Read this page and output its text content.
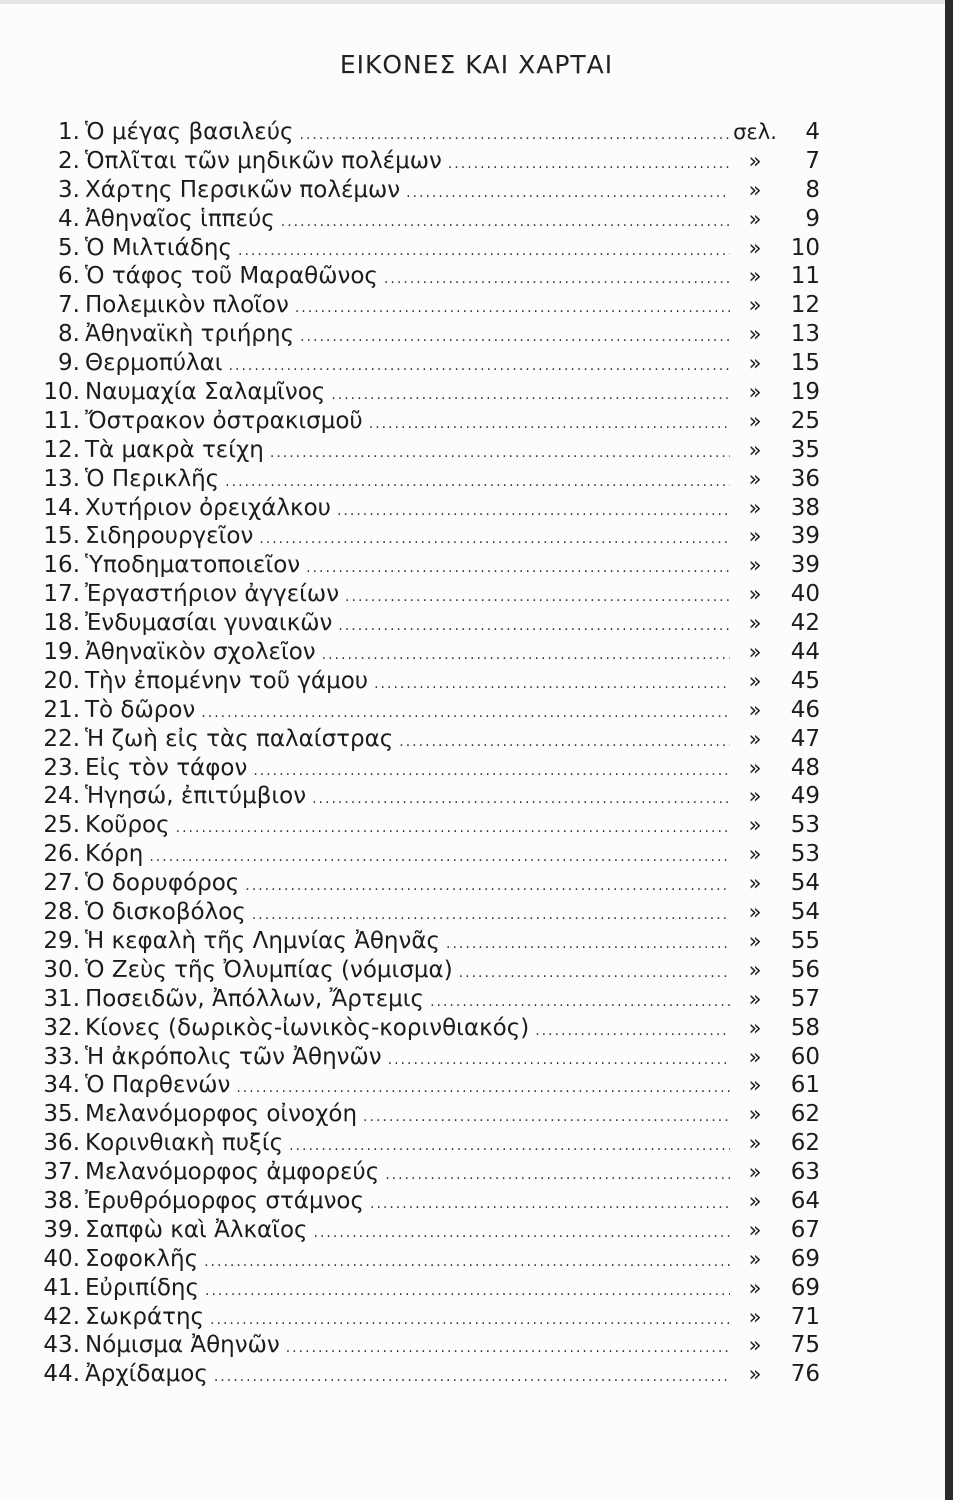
ΕΙΚΟΝΕΣ ΚΑΙ ΧΑΡΤΑΙ
1. Ὁ μέγας βασιλεύς .....	σελ.	4
2. Ὁπλῖται τῶν μηδικῶν πολέμων .....	»	7
3. Χάρτης Περσικῶν πολέμων .....	»	8
4. Ἀθηναῖος ἱππεύς .....	»	9
5. Ὁ Μιλτιάδης .....	»	10
6. Ὁ τάφος τοῦ Μαραθῶνος .....	»	11
7. Πολεμικὸν πλοῖον .....	»	12
8. Ἀθηναϊκὴ τριήρης .....	»	13
9. Θερμοπύλαι .....	»	15
10. Ναυμαχία Σαλαμῖνος .....	»	19
11. Ὄστρακον ὀστρακισμοῦ .....	»	25
12. Τὰ μακρὰ τείχη .....	»	35
13. Ὁ Περικλῆς .....	»	36
14. Χυτήριον ὀρειχάλκου .....	»	38
15. Σιδηρουργεῖον .....	»	39
16. Ὑποδηματοποιεῖον .....	»	39
17. Ἐργαστήριον ἀγγείων .....	»	40
18. Ἐνδυμασίαι γυναικῶν .....	»	42
19. Ἀθηναϊκὸν σχολεῖον .....	»	44
20. Τὴν ἐπομένην τοῦ γάμου .....	»	45
21. Τὸ δῶρον .....	»	46
22. Ἡ ζωὴ εἰς τὰς παλαίστρας .....	»	47
23. Εἰς τὸν τάφον .....	»	48
24. Ἡγησώ, ἐπιτύμβιον .....	»	49
25. Κοῦρος .....	»	53
26. Κόρη .....	»	53
27. Ὁ δορυφόρος .....	»	54
28. Ὁ δισκοβόλος .....	»	54
29. Ἡ κεφαλὴ τῆς Λημνίας Ἀθηνᾶς .....	»	55
30. Ὁ Ζεὺς τῆς Ὀλυμπίας (νόμισμα) .....	»	56
31. Ποσειδῶν, Ἀπόλλων, Ἄρτεμις .....	»	57
32. Κίονες (δωρικὸς-ἰωνικὸς-κορινθιακός) .....	»	58
33. Ἡ ἀκρόπολις τῶν Ἀθηνῶν .....	»	60
34. Ὁ Παρθενών .....	»	61
35. Μελανόμορφος οἰνοχόη .....	»	62
36. Κορινθιακὴ πυξίς .....	»	62
37. Μελανόμορφος ἀμφορεύς .....	»	63
38. Ἐρυθρόμορφος στάμνος .....	»	64
39. Σαπφὼ καὶ Ἀλκαῖος .....	»	67
40. Σοφοκλῆς .....	»	69
41. Εὐριπίδης .....	»	69
42. Σωκράτης .....	»	71
43. Νόμισμα Ἀθηνῶν .....	»	75
44. Ἀρχίδαμος .....	»	76
